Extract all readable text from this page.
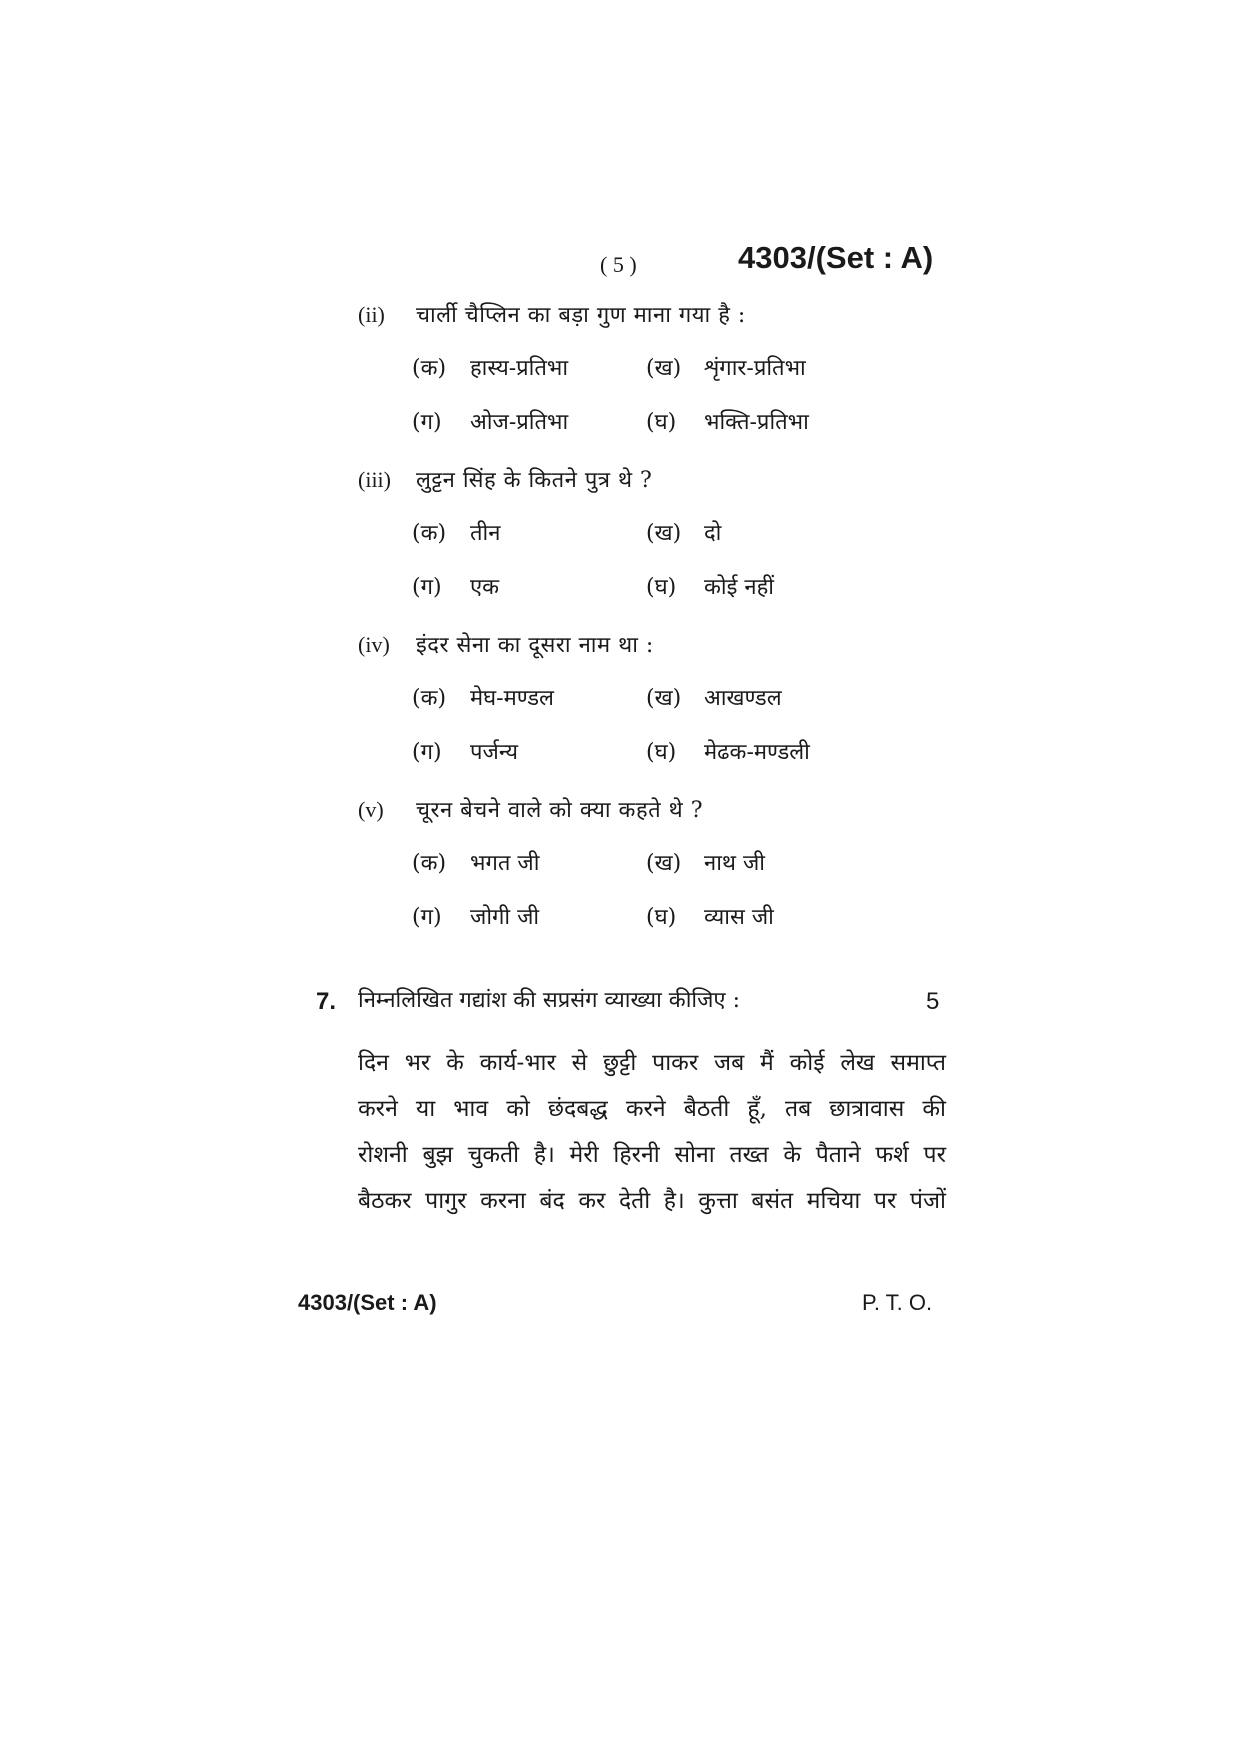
( 5 )	4303/(Set : A)
(ii)	चार्ली चैप्लिन का बड़ा गुण माना गया है :
(क)	हास्य-प्रतिभा	(ख)	शृंगार-प्रतिभा
(ग)	ओज-प्रतिभा	(घ)	भक्ति-प्रतिभा
(iii)	लुट्टन सिंह के कितने पुत्र थे ?
(क)	तीन	(ख)	दो
(ग)	एक	(घ)	कोई नहीं
(iv)	इंदर सेना का दूसरा नाम था :
(क)	मेघ-मण्डल	(ख)	आखण्डल
(ग)	पर्जन्य	(घ)	मेढक-मण्डली
(v)	चूरन बेचने वाले को क्या कहते थे ?
(क)	भगत जी	(ख)	नाथ जी
(ग)	जोगी जी	(घ)	व्यास जी
7. निम्नलिखित गद्यांश की सप्रसंग व्याख्या कीजिए :	5
दिन भर के कार्य-भार से छुट्टी पाकर जब मैं कोई लेख समाप्त
करने या भाव को छंदबद्ध करने बैठती हूँ, तब छात्रावास की
रोशनी बुझ चुकती है। मेरी हिरनी सोना तख्त के पैताने फर्श पर
बैठकर पागुर करना बंद कर देती है। कुत्ता बसंत मचिया पर पंजों
4303/(Set : A)	P. T. O.
